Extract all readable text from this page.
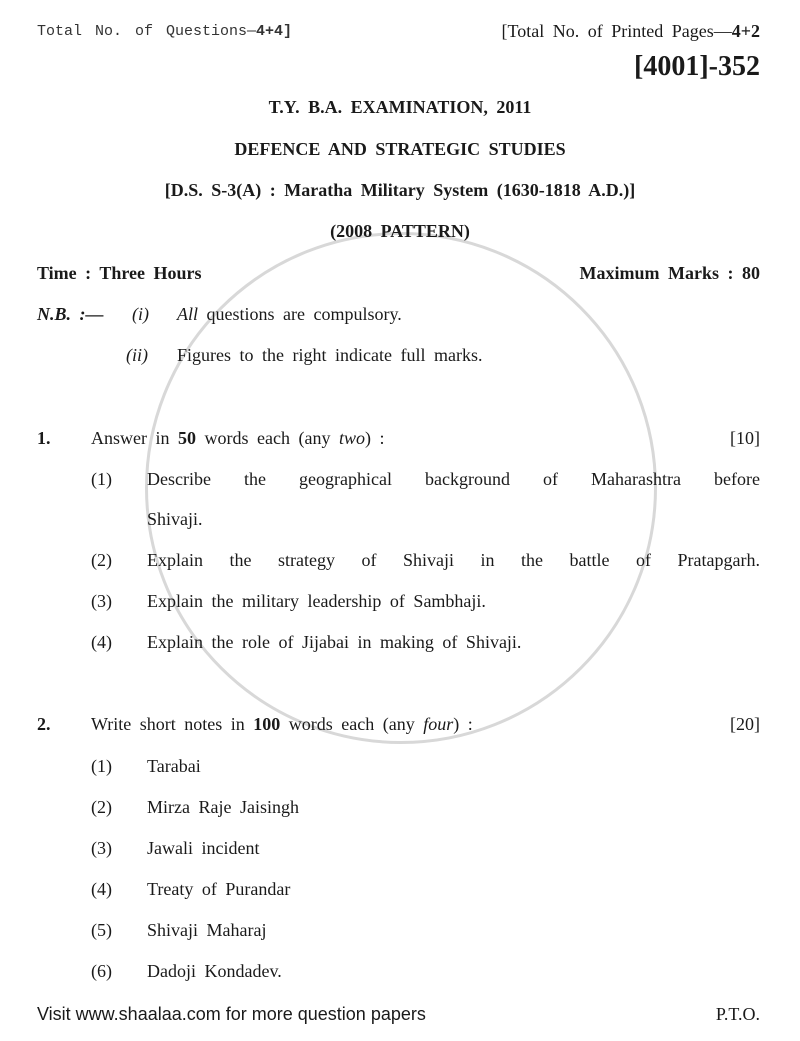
Total No. of Questions—4+4]	[Total No. of Printed Pages—4+2
[4001]-352
T.Y. B.A. EXAMINATION, 2011
DEFENCE AND STRATEGIC STUDIES
[D.S. S-3(A) : Maratha Military System (1630-1818 A.D.)]
(2008 PATTERN)
Time : Three Hours	Maximum Marks : 80
N.B. :— (i) All questions are compulsory.
(ii) Figures to the right indicate full marks.
1. Answer in 50 words each (any two) :	[10]
(1) Describe the geographical background of Maharashtra before
Shivaji.
(2) Explain the strategy of Shivaji in the battle of Pratapgarh.
(3) Explain the military leadership of Sambhaji.
(4) Explain the role of Jijabai in making of Shivaji.
2. Write short notes in 100 words each (any four) :	[20]
(1) Tarabai
(2) Mirza Raje Jaisingh
(3) Jawali incident
(4) Treaty of Purandar
(5) Shivaji Maharaj
(6) Dadoji Kondadev.
Visit www.shaalaa.com for more question papers	P.T.O.
